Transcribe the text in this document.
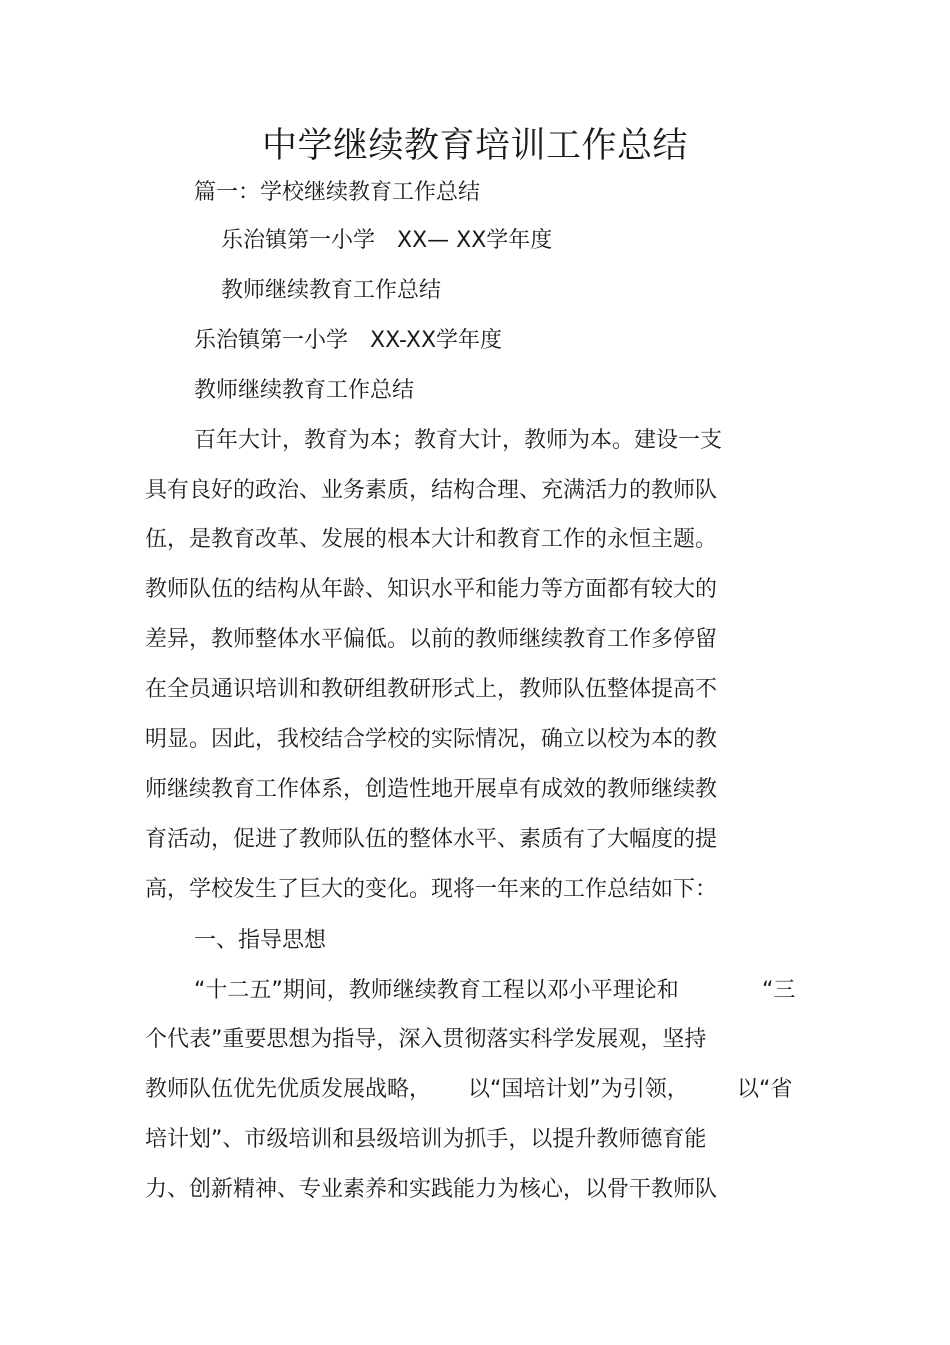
中学继续教育培训工作总结
篇一：学校继续教育工作总结
乐治镇第一小学　XX— XX学年度
教师继续教育工作总结
乐治镇第一小学　XX-XX学年度
教师继续教育工作总结
百年大计，教育为本；教育大计，教师为本。建设一支
具有良好的政治、业务素质，结构合理、充满活力的教师队
伍，是教育改革、发展的根本大计和教育工作的永恒主题。
教师队伍的结构从年龄、知识水平和能力等方面都有较大的
差异，教师整体水平偏低。以前的教师继续教育工作多停留
在全员通识培训和教研组教研形式上，教师队伍整体提高不
明显。因此，我校结合学校的实际情况，确立以校为本的教
师继续教育工作体系，创造性地开展卓有成效的教师继续教
育活动，促进了教师队伍的整体水平、素质有了大幅度的提
高，学校发生了巨大的变化。现将一年来的工作总结如下：
一、指导思想
“十二五”期间，教师继续教育工程以邓小平理论和	“三
个代表”重要思想为指导，深入贯彻落实科学发展观，坚持
教师队伍优先优质发展战略， 以“国培计划”为引领， 以“省
培计划”、市级培训和县级培训为抓手，以提升教师德育能
力、创新精神、专业素养和实践能力为核心，以骨干教师队
